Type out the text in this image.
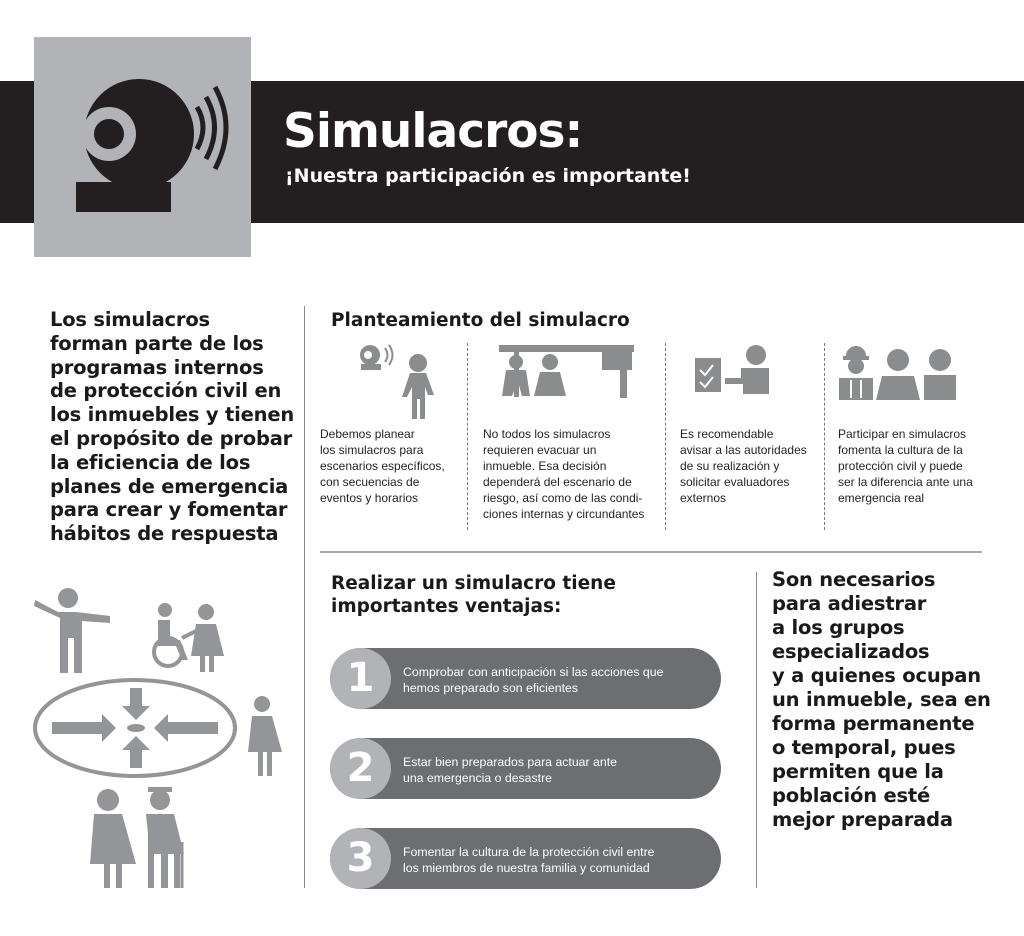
Simulacros:
¡Nuestra participación es importante!
Los simulacros
forman parte de los
programas internos
de protección civil en
los inmuebles y tienen
el propósito de probar
la eficiencia de los
planes de emergencia
para crear y fomentar
hábitos de respuesta
Planteamiento del simulacro
Debemos planear
los simulacros para
escenarios específicos,
con secuencias de
eventos y horarios
No todos los simulacros
requieren evacuar un
inmueble. Esa decisión
dependerá del escenario de
riesgo, así como de las condi-
ciones internas y circundantes
Es recomendable
avisar a las autoridades
de su realización y
solicitar evaluadores
externos
Participar en simulacros
fomenta la cultura de la
protección civil y puede
ser la diferencia ante una
emergencia real
Realizar un simulacro tiene
importantes ventajas:
1	Comprobar con anticipación si las acciones que
hemos preparado son eficientes
2	Estar bien preparados para actuar ante
una emergencia o desastre
3	Fomentar la cultura de la protección civil entre
los miembros de nuestra familia y comunidad
Son necesarios
para adiestrar
a los grupos
especializados
y a quienes ocupan
un inmueble, sea en
forma permanente
o temporal, pues
permiten que la
población esté
mejor preparada
